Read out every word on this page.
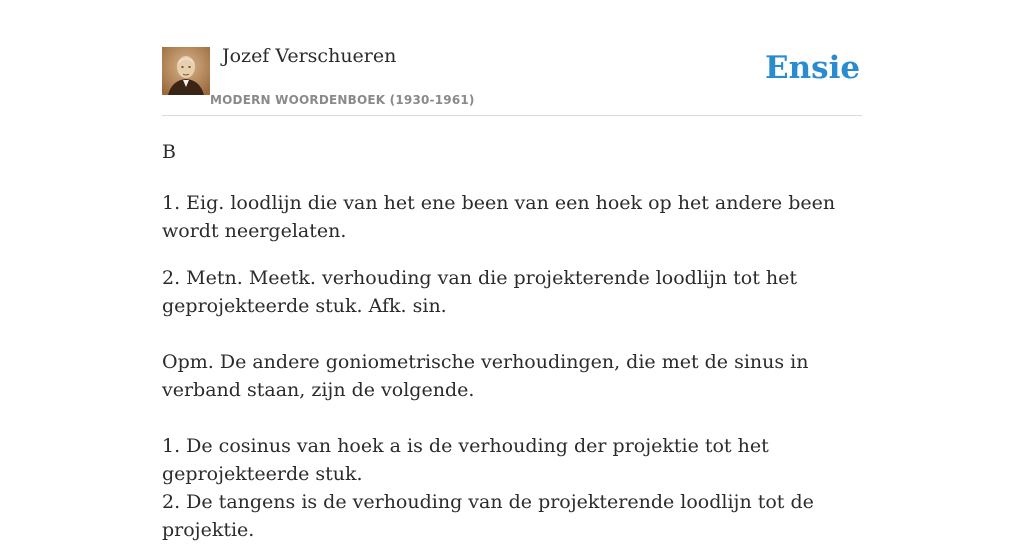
Jozef Verschueren
MODERN WOORDENBOEK (1930-1961)
Ensie

B

1. Eig. loodlijn die van het ene been van een hoek op het andere been wordt neergelaten.

2. Metn. Meetk. verhouding van die projekterende loodlijn tot het geprojekteerde stuk. Afk. sin.

Opm. De andere goniometrische verhoudingen, die met de sinus in verband staan, zijn de volgende.

1. De cosinus van hoek a is de verhouding der projektie tot het geprojekteerde stuk.

2. De tangens is de verhouding van de projekterende loodlijn tot de projektie.
